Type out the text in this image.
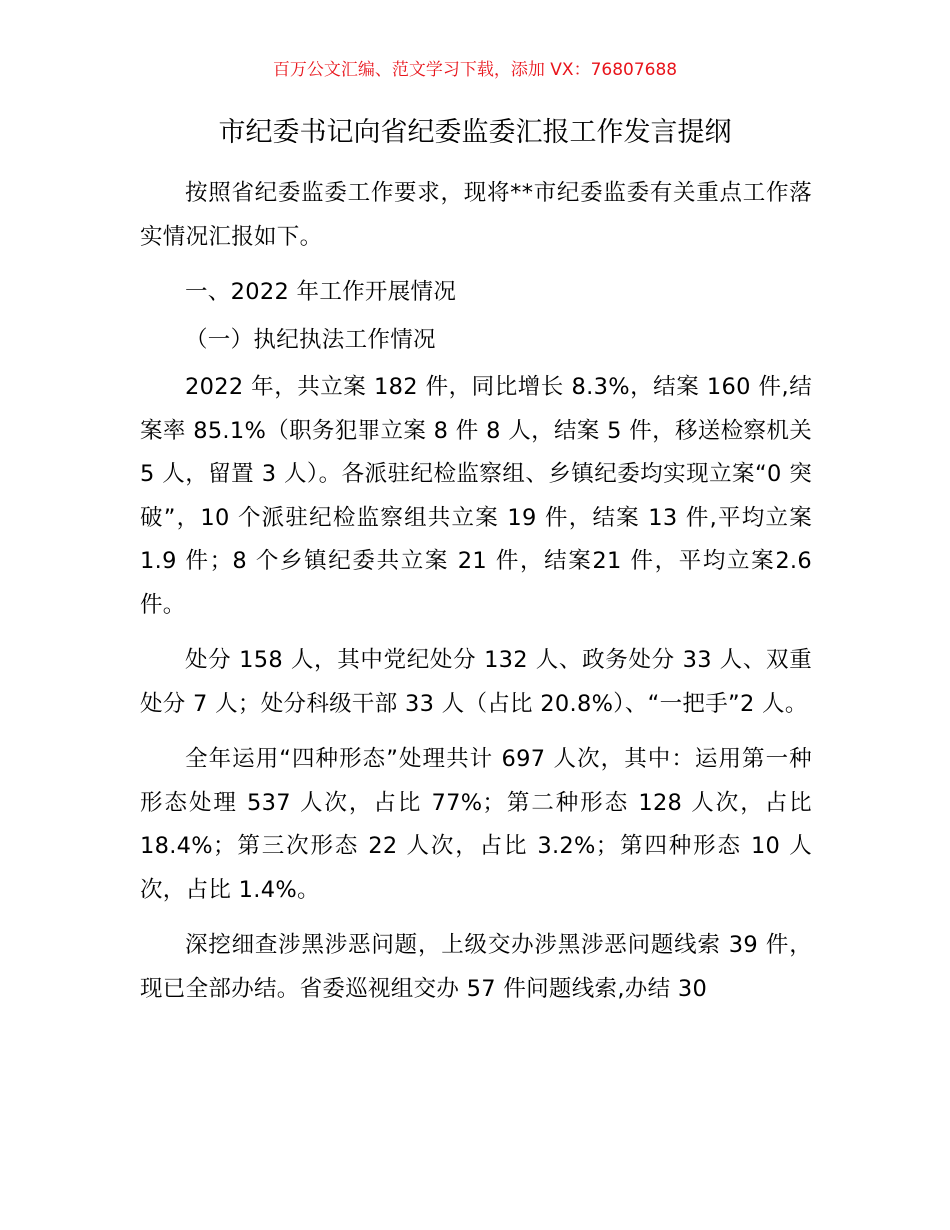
百万公文汇编、范文学习下载，添加 VX：76807688
市纪委书记向省纪委监委汇报工作发言提纲

按照省纪委监委工作要求，现将**市纪委监委有关重点工作落实情况汇报如下。

一、2022 年工作开展情况

（一）执纪执法工作情况

2022 年，共立案 182 件，同比增长 8.3%，结案 160 件,结案率 85.1%（职务犯罪立案 8 件 8 人，结案 5 件，移送检察机关 5 人，留置 3 人）。各派驻纪检监察组、乡镇纪委均实现立案“0 突破”，10 个派驻纪检监察组共立案 19 件，结案 13 件,平均立案 1.9 件；8 个乡镇纪委共立案 21 件，结案21 件，平均立案2.6 件。

处分 158 人，其中党纪处分 132 人、政务处分 33 人、双重处分 7 人；处分科级干部 33 人（占比 20.8%）、“一把手”2 人。

全年运用“四种形态”处理共计 697 人次，其中：运用第一种形态处理 537 人次，占比 77%；第二种形态 128 人次，占比 18.4%；第三次形态 22 人次，占比 3.2%；第四种形态 10 人次，占比 1.4%。

深挖细查涉黑涉恶问题，上级交办涉黑涉恶问题线索 39 件，现已全部办结。省委巡视组交办 57 件问题线索,办结 30
